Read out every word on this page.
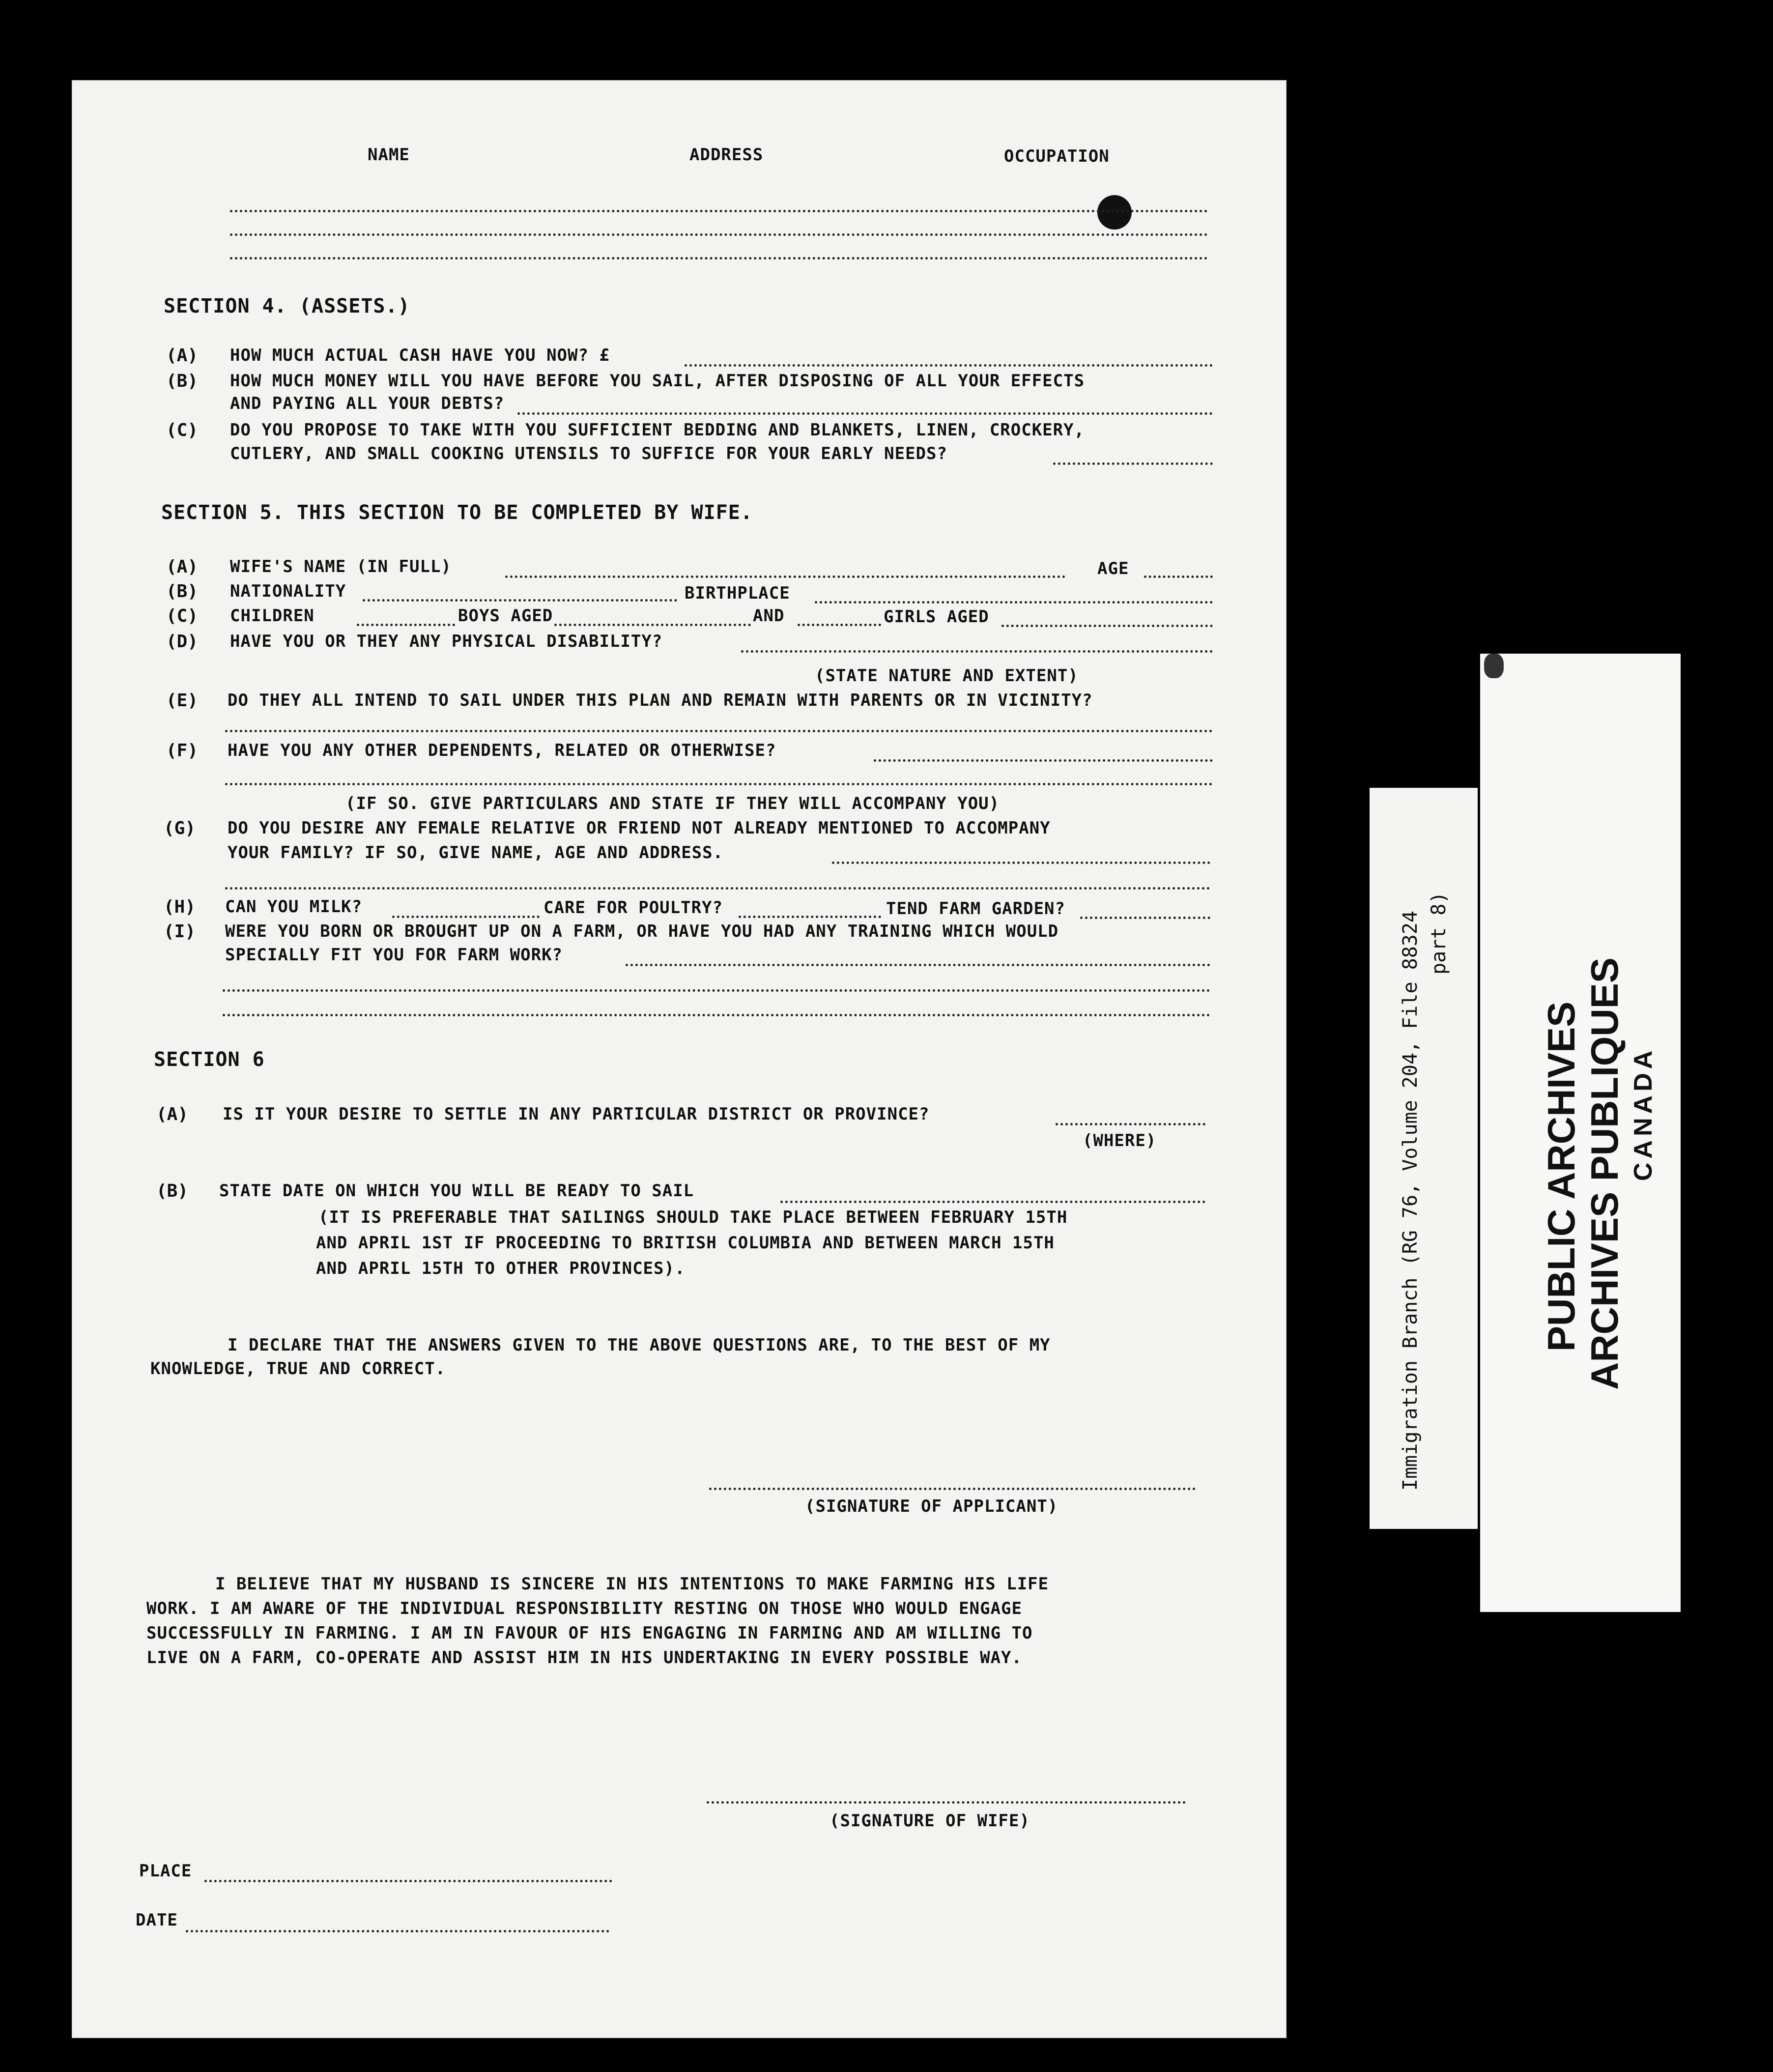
NAME	ADDRESS	OCCUPATION
SECTION 4. (ASSETS.)
(A) HOW MUCH ACTUAL CASH HAVE YOU NOW? £
(B) HOW MUCH MONEY WILL YOU HAVE BEFORE YOU SAIL, AFTER DISPOSING OF ALL YOUR EFFECTS
AND PAYING ALL YOUR DEBTS?
(C) DO YOU PROPOSE TO TAKE WITH YOU SUFFICIENT BEDDING AND BLANKETS, LINEN, CROCKERY,
CUTLERY, AND SMALL COOKING UTENSILS TO SUFFICE FOR YOUR EARLY NEEDS?
SECTION 5. THIS SECTION TO BE COMPLETED BY WIFE.
(A) WIFE'S NAME (IN FULL)	AGE
(B) NATIONALITY	BIRTHPLACE
(C) CHILDREN	BOYS AGED	AND	GIRLS AGED
(D) HAVE YOU OR THEY ANY PHYSICAL DISABILITY?
(STATE NATURE AND EXTENT)
(E) DO THEY ALL INTEND TO SAIL UNDER THIS PLAN AND REMAIN WITH PARENTS OR IN VICINITY?
(F) HAVE YOU ANY OTHER DEPENDENTS, RELATED OR OTHERWISE?
(IF SO. GIVE PARTICULARS AND STATE IF THEY WILL ACCOMPANY YOU)
(G) DO YOU DESIRE ANY FEMALE RELATIVE OR FRIEND NOT ALREADY MENTIONED TO ACCOMPANY
YOUR FAMILY? IF SO, GIVE NAME, AGE AND ADDRESS.
(H) CAN YOU MILK?	CARE FOR POULTRY?	TEND FARM GARDEN?
(I) WERE YOU BORN OR BROUGHT UP ON A FARM, OR HAVE YOU HAD ANY TRAINING WHICH WOULD
SPECIALLY FIT YOU FOR FARM WORK?
SECTION 6
(A) IS IT YOUR DESIRE TO SETTLE IN ANY PARTICULAR DISTRICT OR PROVINCE?
(WHERE)
(B) STATE DATE ON WHICH YOU WILL BE READY TO SAIL
(IT IS PREFERABLE THAT SAILINGS SHOULD TAKE PLACE BETWEEN FEBRUARY 15TH
AND APRIL 1ST IF PROCEEDING TO BRITISH COLUMBIA AND BETWEEN MARCH 15TH
AND APRIL 15TH TO OTHER PROVINCES).
I DECLARE THAT THE ANSWERS GIVEN TO THE ABOVE QUESTIONS ARE, TO THE BEST OF MY
KNOWLEDGE, TRUE AND CORRECT.
(SIGNATURE OF APPLICANT)
I BELIEVE THAT MY HUSBAND IS SINCERE IN HIS INTENTIONS TO MAKE FARMING HIS LIFE
WORK. I AM AWARE OF THE INDIVIDUAL RESPONSIBILITY RESTING ON THOSE WHO WOULD ENGAGE
SUCCESSFULLY IN FARMING. I AM IN FAVOUR OF HIS ENGAGING IN FARMING AND AM WILLING TO
LIVE ON A FARM, CO-OPERATE AND ASSIST HIM IN HIS UNDERTAKING IN EVERY POSSIBLE WAY.
(SIGNATURE OF WIFE)
PLACE
DATE
Immigration Branch (RG 76, Volume 204, File 88324 part 8)
PUBLIC ARCHIVES ARCHIVES PUBLIQUES CANADA
